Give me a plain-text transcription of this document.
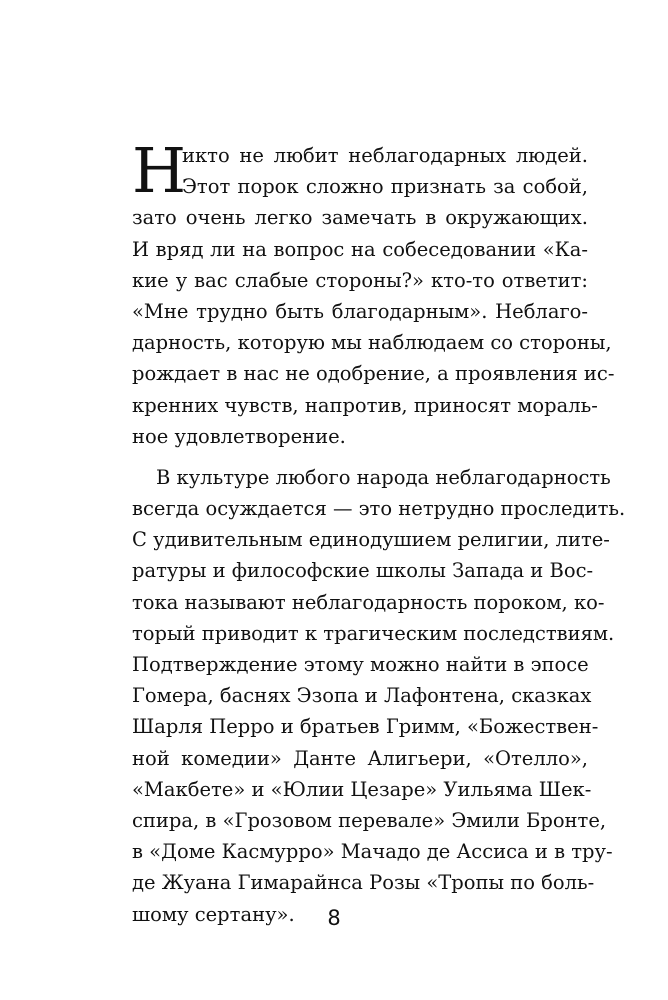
Н
икто не любит неблагодарных людей.
Этот порок сложно признать за собой,
зато очень легко замечать в окружающих.
И вряд ли на вопрос на собеседовании «Ка-
кие у вас слабые стороны?» кто-то ответит:
«Мне трудно быть благодарным». Неблаго-
дарность, которую мы наблюдаем со стороны,
рождает в нас не одобрение, а проявления ис-
кренних чувств, напротив, приносят мораль-
ное удовлетворение.
В культуре любого народа неблагодарность
всегда осуждается — это нетрудно проследить.
С удивительным единодушием религии, лите-
ратуры и философские школы Запада и Вос-
тока называют неблагодарность пороком, ко-
торый приводит к трагическим последствиям.
Подтверждение этому можно найти в эпосе
Гомера, баснях Эзопа и Лафонтена, сказках
Шарля Перро и братьев Гримм, «Божествен-
ной комедии» Данте Алигьери, «Отелло»,
«Макбете» и «Юлии Цезаре» Уильяма Шек-
спира, в «Грозовом перевале» Эмили Бронте,
в «Доме Касмурро» Мачадо де Ассиса и в тру-
де Жуана Гимарайнса Розы «Тропы по боль-
шому сертану».	8
